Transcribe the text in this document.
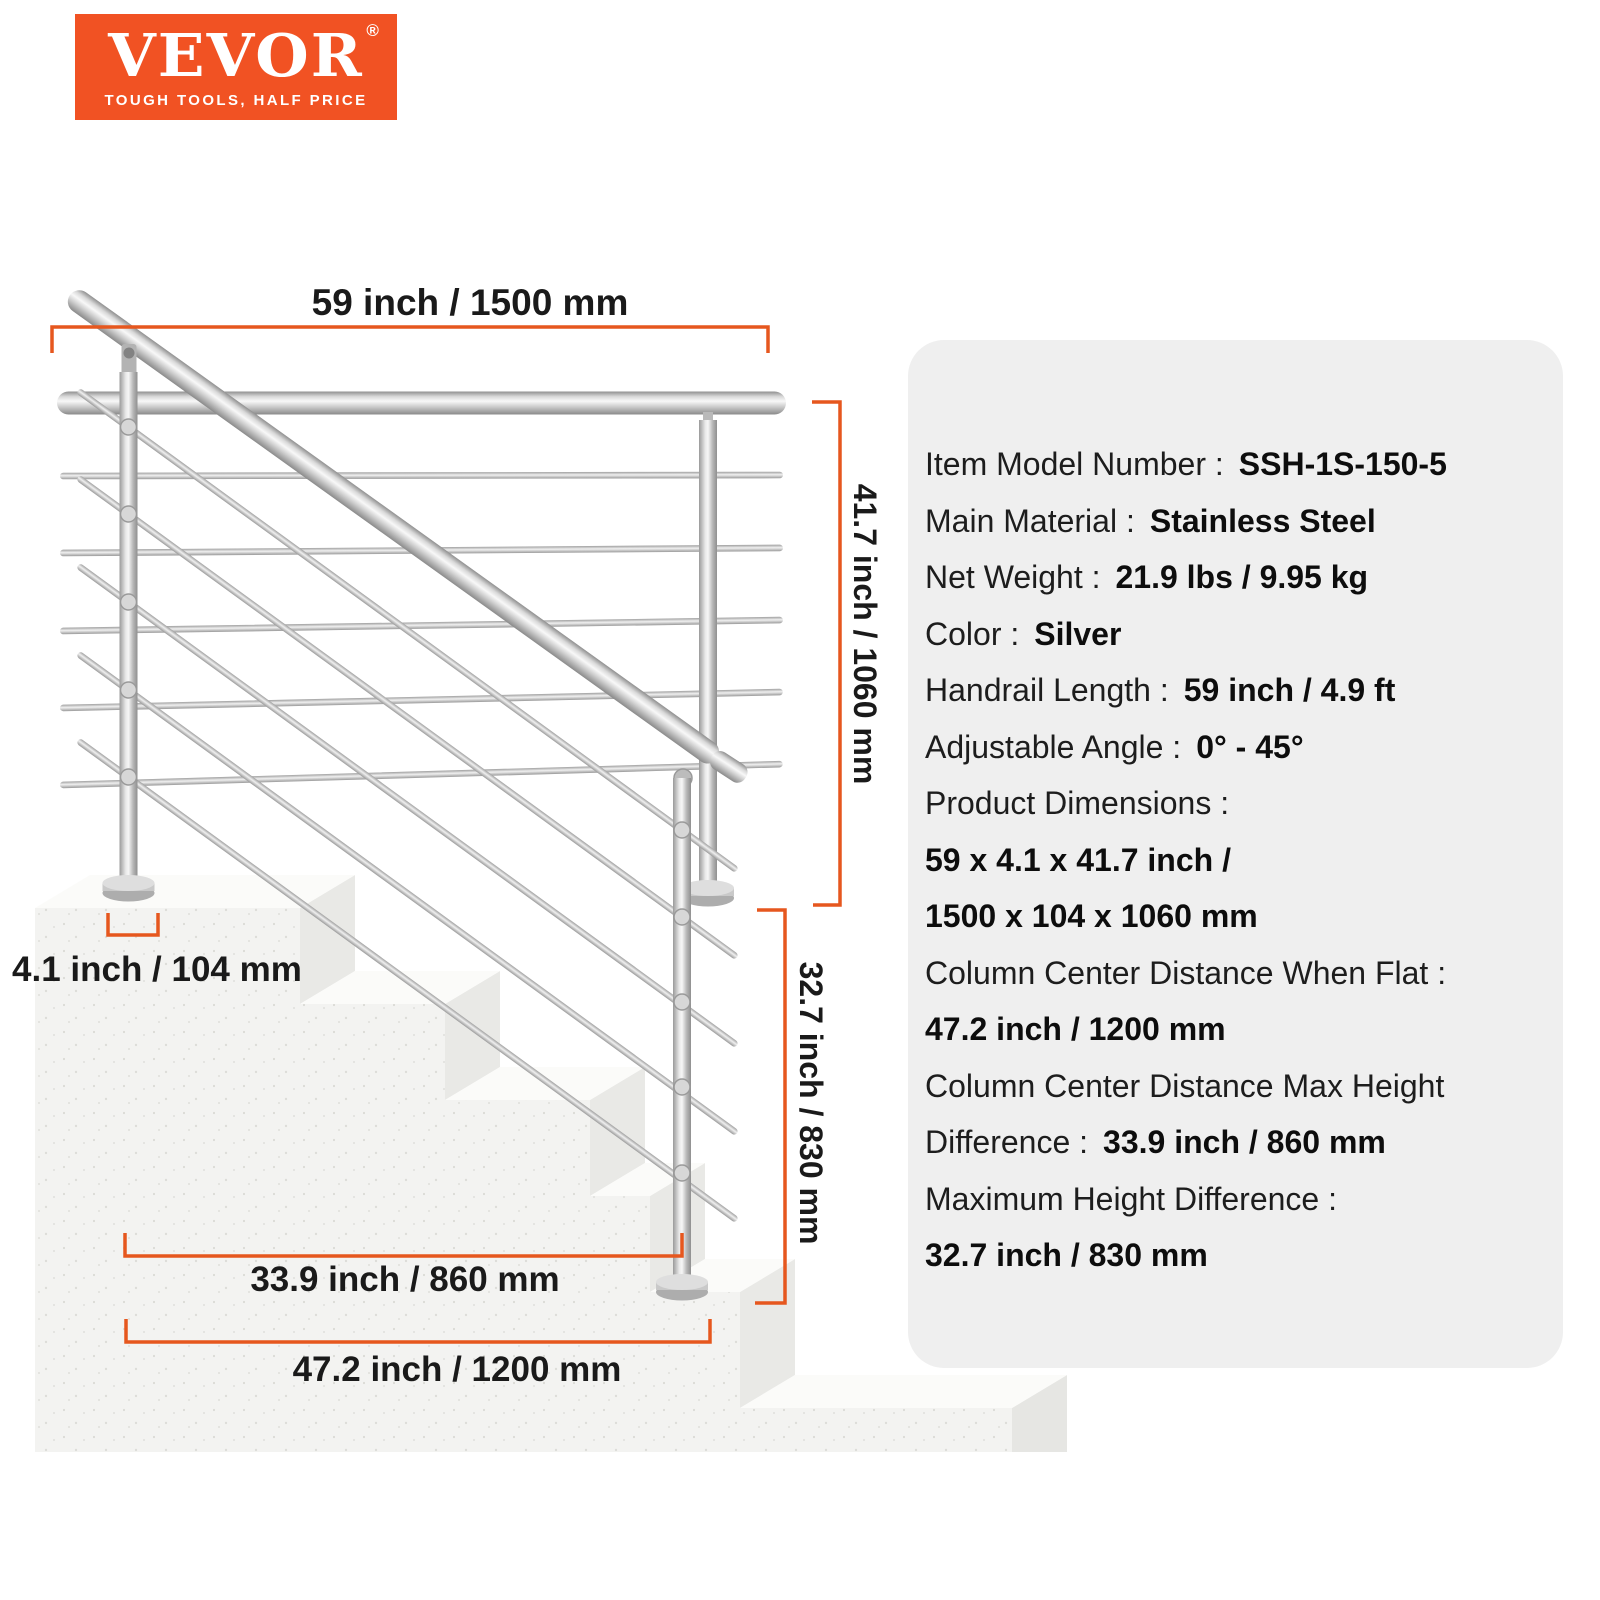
59 inch / 1500 mm
41.7 inch / 1060 mm
32.7 inch / 830 mm
4.1 inch / 104 mm
33.9 inch / 860 mm
47.2 inch / 1200 mm
VEVOR ®
TOUGH TOOLS, HALF PRICE
Item Model Number : SSH-1S-150-5
Main Material : Stainless Steel
Net Weight : 21.9 lbs / 9.95 kg
Color : Silver
Handrail Length : 59 inch / 4.9 ft
Adjustable Angle : 0° - 45°
Product Dimensions :
59 x 4.1 x 41.7 inch /
1500 x 104 x 1060 mm
Column Center Distance When Flat :
47.2 inch / 1200 mm
Column Center Distance Max Height
Difference : 33.9 inch / 860 mm
Maximum Height Difference :
32.7 inch / 830 mm
